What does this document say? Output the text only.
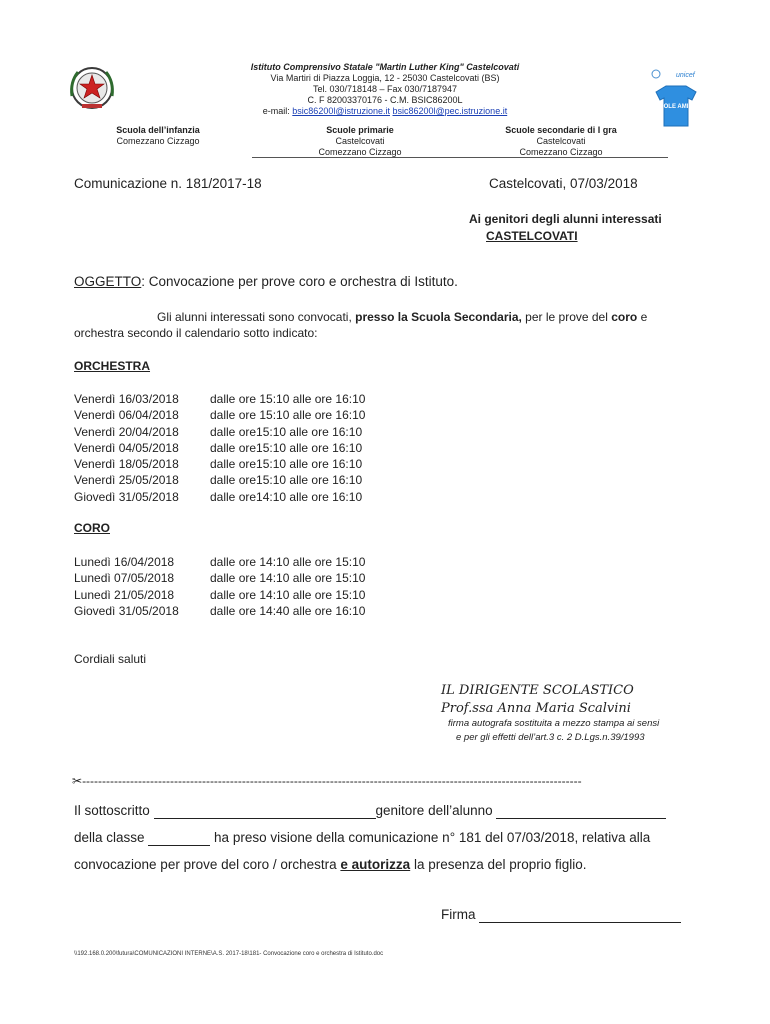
Istituto Comprensivo Statale "Martin Luther King" Castelcovati
Via Martiri di Piazza Loggia, 12 - 25030 Castelcovati (BS)
Tel. 030/718148 – Fax 030/7187947
C. F 82003370176 - C.M. BSIC86200L
e-mail: bsic86200l@istruzione.it bsic86200l@pec.istruzione.it
unicef
SCUOLE AMICHE
Scuola dell’infanzia
Comezzano Cizzago
Scuole primarie
Castelcovati
Comezzano Cizzago
Scuole secondarie di I gra
Castelcovati
Comezzano Cizzago
Comunicazione n. 181/2017-18	Castelcovati, 07/03/2018
Ai genitori degli alunni interessati
CASTELCOVATI
OGGETTO: Convocazione per prove coro e orchestra di Istituto.
Gli alunni interessati sono convocati, presso la Scuola Secondaria, per le prove del coro e
orchestra secondo il calendario sotto indicato:
ORCHESTRA
Venerdì 16/03/2018	dalle ore 15:10 alle ore 16:10
Venerdì 06/04/2018	dalle ore 15:10 alle ore 16:10
Venerdì 20/04/2018	dalle ore15:10 alle ore 16:10
Venerdì 04/05/2018	dalle ore15:10 alle ore 16:10
Venerdì 18/05/2018	dalle ore15:10 alle ore 16:10
Venerdì 25/05/2018	dalle ore15:10 alle ore 16:10
Giovedì 31/05/2018	dalle ore14:10 alle ore 16:10
CORO
Lunedì 16/04/2018	dalle ore 14:10 alle ore 15:10
Lunedì 07/05/2018	dalle ore 14:10 alle ore 15:10
Lunedì 21/05/2018	dalle ore 14:10 alle ore 15:10
Giovedì 31/05/2018	dalle ore 14:40 alle ore 16:10
Cordiali saluti
IL DIRIGENTE SCOLASTICO
Prof.ssa Anna Maria Scalvini
firma autografa sostituita a mezzo stampa ai sensi
e per gli effetti dell’art.3 c. 2 D.Lgs.n.39/1993
✂-----------------------------------------------------------------------------------------------------------------------------
Il sottoscritto	genitore dell’alunno
della classe	ha preso visione della comunicazione n° 181 del 07/03/2018, relativa alla
convocazione per prove del coro / orchestra e autorizza la presenza del proprio figlio.
Firma
\\192.168.0.200\futura\COMUNICAZIONI INTERNE\A.S. 2017-18\181- Convocazione coro e orchestra di Istituto.doc
